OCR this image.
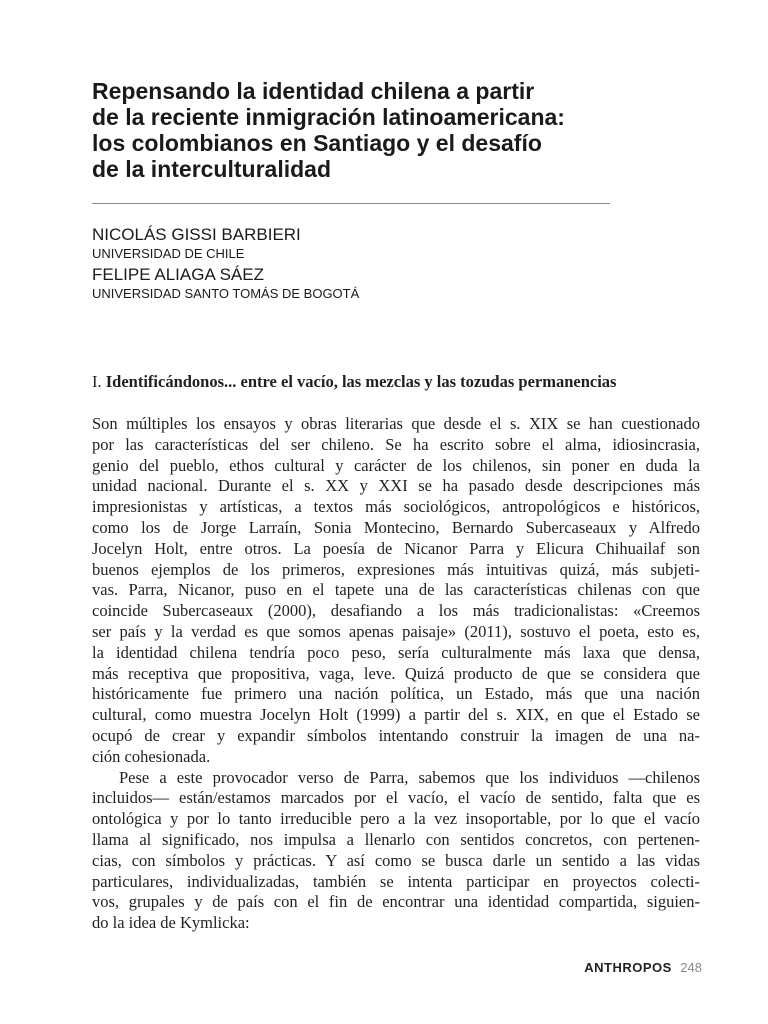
Repensando la identidad chilena a partir
de la reciente inmigración latinoamericana:
los colombianos en Santiago y el desafío
de la interculturalidad
NICOLÁS GISSI BARBIERI
UNIVERSIDAD DE CHILE
FELIPE ALIAGA SÁEZ
UNIVERSIDAD SANTO TOMÁS DE BOGOTÁ
I. Identificándonos... entre el vacío, las mezclas y las tozudas permanencias
Son múltiples los ensayos y obras literarias que desde el s. XIX se han cuestionado
por las características del ser chileno. Se ha escrito sobre el alma, idiosincrasia,
genio del pueblo, ethos cultural y carácter de los chilenos, sin poner en duda la
unidad nacional. Durante el s. XX y XXI se ha pasado desde descripciones más
impresionistas y artísticas, a textos más sociológicos, antropológicos e históricos,
como los de Jorge Larraín, Sonia Montecino, Bernardo Subercaseaux y Alfredo
Jocelyn Holt, entre otros. La poesía de Nicanor Parra y Elicura Chihuailaf son
buenos ejemplos de los primeros, expresiones más intuitivas quizá, más subjeti-
vas. Parra, Nicanor, puso en el tapete una de las características chilenas con que
coincide Subercaseaux (2000), desafiando a los más tradicionalistas: «Creemos
ser país y la verdad es que somos apenas paisaje» (2011), sostuvo el poeta, esto es,
la identidad chilena tendría poco peso, sería culturalmente más laxa que densa,
más receptiva que propositiva, vaga, leve. Quizá producto de que se considera que
históricamente fue primero una nación política, un Estado, más que una nación
cultural, como muestra Jocelyn Holt (1999) a partir del s. XIX, en que el Estado se
ocupó de crear y expandir símbolos intentando construir la imagen de una na-
ción cohesionada.
Pese a este provocador verso de Parra, sabemos que los individuos —chilenos
incluidos— están/estamos marcados por el vacío, el vacío de sentido, falta que es
ontológica y por lo tanto irreducible pero a la vez insoportable, por lo que el vacío
llama al significado, nos impulsa a llenarlo con sentidos concretos, con pertenen-
cias, con símbolos y prácticas. Y así como se busca darle un sentido a las vidas
particulares, individualizadas, también se intenta participar en proyectos colecti-
vos, grupales y de país con el fin de encontrar una identidad compartida, siguien-
do la idea de Kymlicka:
ANTHROPOS 248
